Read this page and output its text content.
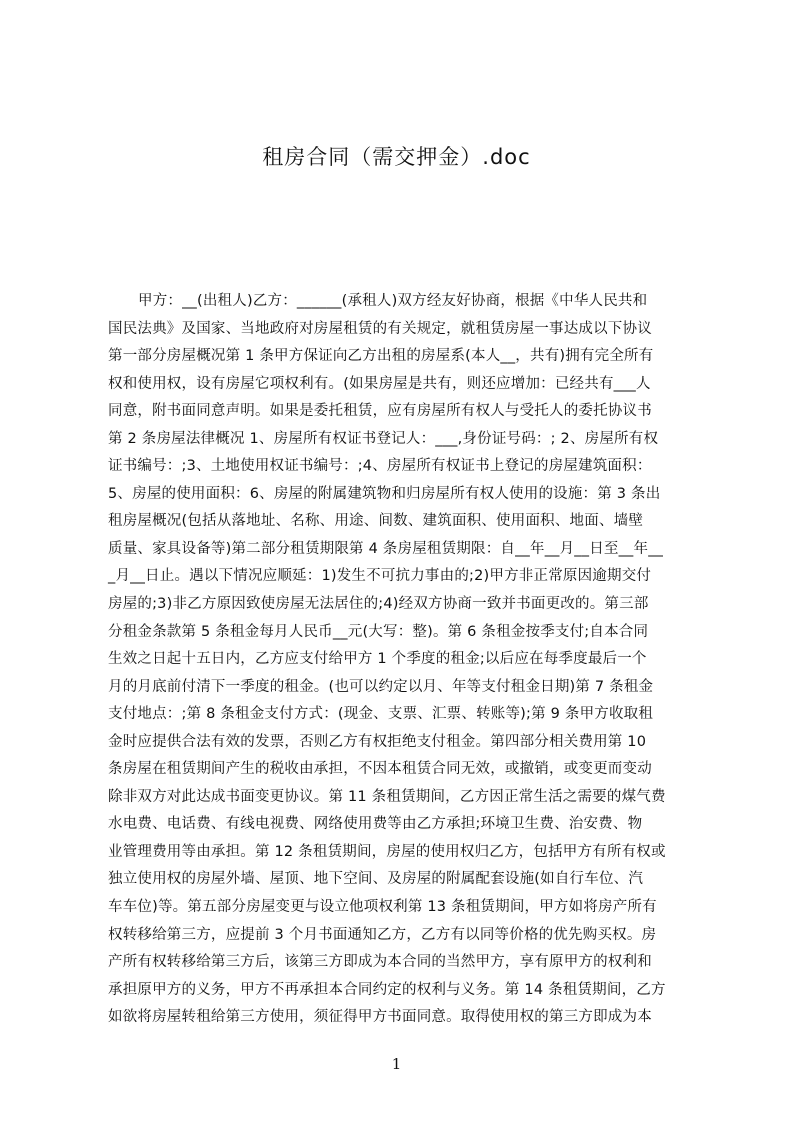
租房合同（需交押金）.doc
甲方：__(出租人)乙方：______(承租人)双方经友好协商，根据《中华人民共和
国民法典》及国家、当地政府对房屋租赁的有关规定，就租赁房屋一事达成以下协议
第一部分房屋概况第 1 条甲方保证向乙方出租的房屋系(本人__，共有)拥有完全所有
权和使用权，设有房屋它项权利有。(如果房屋是共有，则还应增加：已经共有___人
同意，附书面同意声明。如果是委托租赁，应有房屋所有权人与受托人的委托协议书
第 2 条房屋法律概况 1、房屋所有权证书登记人：___,身份证号码：; 2、房屋所有权
证书编号：;3、土地使用权证书编号：;4、房屋所有权证书上登记的房屋建筑面积：
5、房屋的使用面积：6、房屋的附属建筑物和归房屋所有权人使用的设施：第 3 条出
租房屋概况(包括从落地址、名称、用途、间数、建筑面积、使用面积、地面、墙壁
质量、家具设备等)第二部分租赁期限第 4 条房屋租赁期限：自__年__月__日至__年__
_月__日止。遇以下情况应顺延：1)发生不可抗力事由的;2)甲方非正常原因逾期交付
房屋的;3)非乙方原因致使房屋无法居住的;4)经双方协商一致并书面更改的。第三部
分租金条款第 5 条租金每月人民币__元(大写：整)。第 6 条租金按季支付;自本合同
生效之日起十五日内，乙方应支付给甲方 1 个季度的租金;以后应在每季度最后一个
月的月底前付清下一季度的租金。(也可以约定以月、年等支付租金日期)第 7 条租金
支付地点：;第 8 条租金支付方式：(现金、支票、汇票、转账等);第 9 条甲方收取租
金时应提供合法有效的发票，否则乙方有权拒绝支付租金。第四部分相关费用第 10
条房屋在租赁期间产生的税收由承担，不因本租赁合同无效，或撤销，或变更而变动
除非双方对此达成书面变更协议。第 11 条租赁期间，乙方因正常生活之需要的煤气费
水电费、电话费、有线电视费、网络使用费等由乙方承担;环境卫生费、治安费、物
业管理费用等由承担。第 12 条租赁期间，房屋的使用权归乙方，包括甲方有所有权或
独立使用权的房屋外墙、屋顶、地下空间、及房屋的附属配套设施(如自行车位、汽
车车位)等。第五部分房屋变更与设立他项权利第 13 条租赁期间，甲方如将房产所有
权转移给第三方，应提前 3 个月书面通知乙方，乙方有以同等价格的优先购买权。房
产所有权转移给第三方后，该第三方即成为本合同的当然甲方，享有原甲方的权利和
承担原甲方的义务，甲方不再承担本合同约定的权利与义务。第 14 条租赁期间，乙方
如欲将房屋转租给第三方使用，须征得甲方书面同意。取得使用权的第三方即成为本
1
